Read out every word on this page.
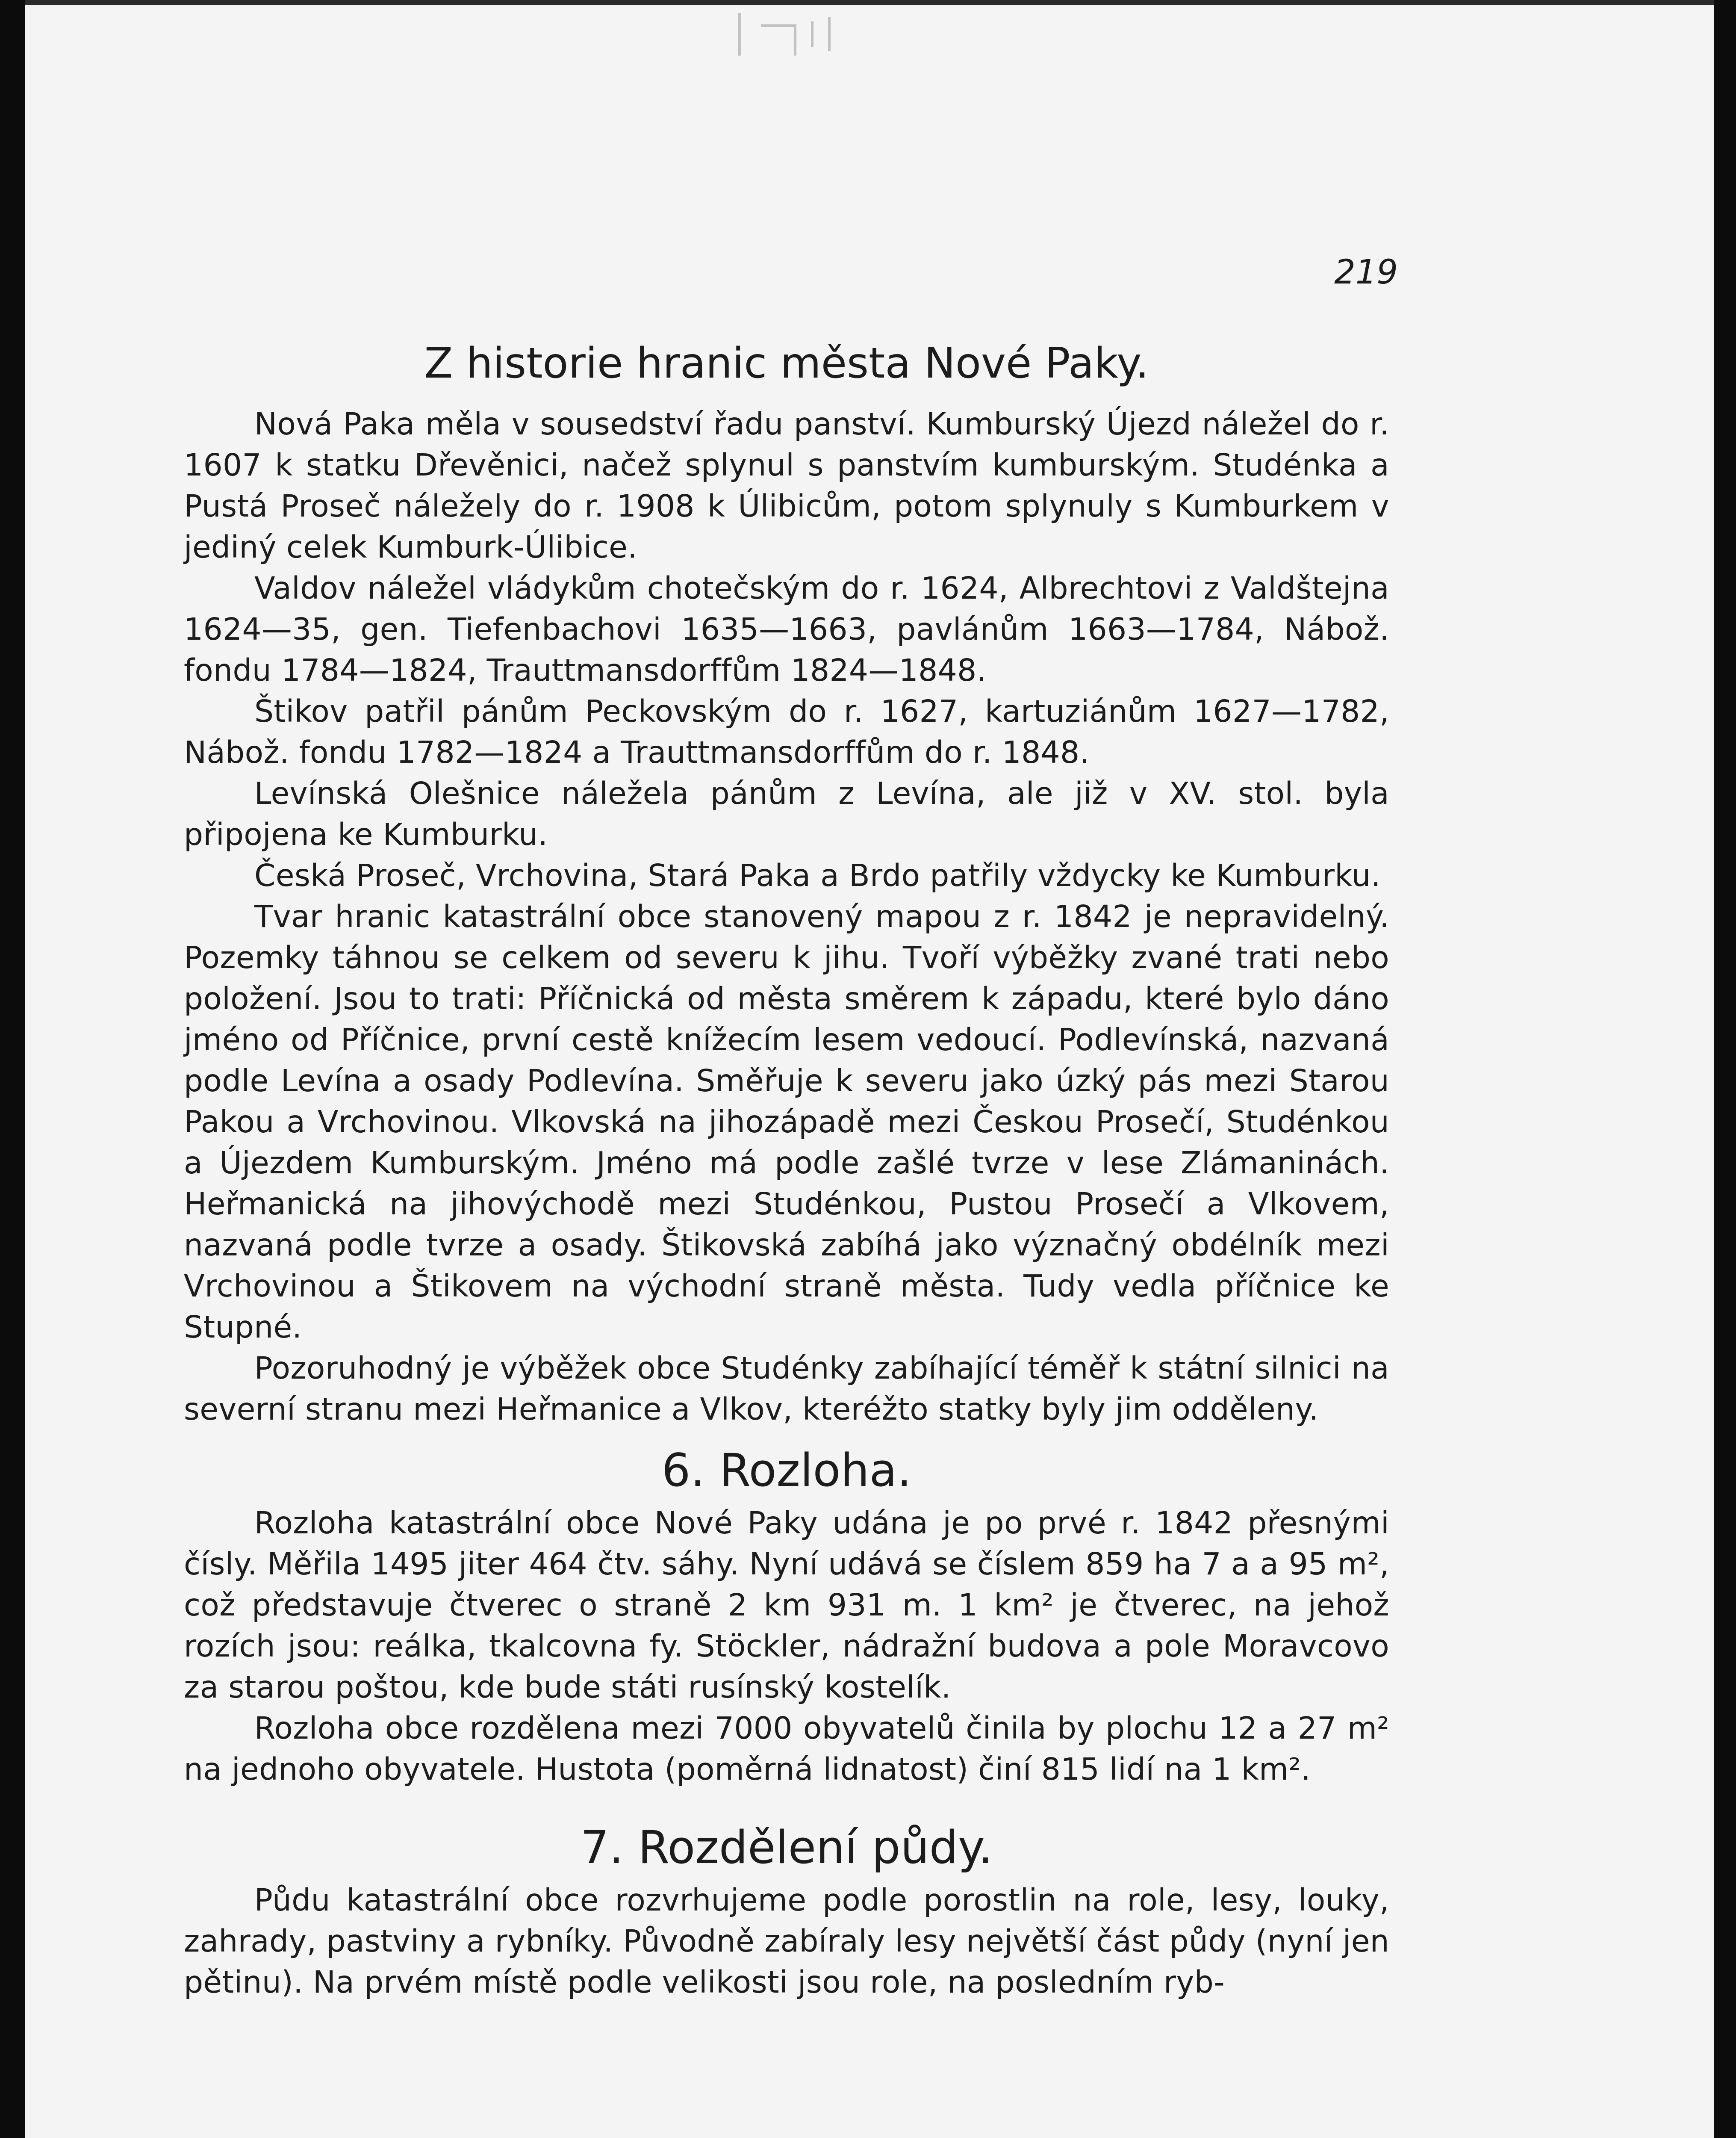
219
Z historie hranic města Nové Paky.

Nová Paka měla v sousedství řadu panství. Kumburský Újezd náležel do r. 1607 k statku Dřevěnici, načež splynul s panstvím kumburským. Studénka a Pustá Proseč náležely do r. 1908 k Úlibicům, potom splynuly s Kumburkem v jediný celek Kumburk-Úlibice.

Valdov náležel vládykům chotečským do r. 1624, Albrechtovi z Valdštejna 1624—35, gen. Tiefenbachovi 1635—1663, pavlánům 1663—1784, Nábož. fondu 1784—1824, Trauttmansdorffům 1824—1848.

Štikov patřil pánům Peckovským do r. 1627, kartuziánům 1627—1782, Nábož. fondu 1782—1824 a Trauttmansdorffům do r. 1848.

Levínská Olešnice náležela pánům z Levína, ale již v XV. stol. byla připojena ke Kumburku.

Česká Proseč, Vrchovina, Stará Paka a Brdo patřily vždycky ke Kumburku.

Tvar hranic katastrální obce stanovený mapou z r. 1842 je nepravidelný. Pozemky táhnou se celkem od severu k jihu. Tvoří výběžky zvané trati nebo položení. Jsou to trati: Příčnická od města směrem k západu, které bylo dáno jméno od Příčnice, první cestě knížecím lesem vedoucí. Podlevínská, nazvaná podle Levína a osady Podlevína. Směřuje k severu jako úzký pás mezi Starou Pakou a Vrchovinou. Vlkovská na jihozápadě mezi Českou Prosečí, Studénkou a Újezdem Kumburským. Jméno má podle zašlé tvrze v lese Zlámaninách. Heřmanická na jihovýchodě mezi Studénkou, Pustou Prosečí a Vlkovem, nazvaná podle tvrze a osady. Štikovská zabíhá jako význačný obdélník mezi Vrchovinou a Štikovem na východní straně města. Tudy vedla příčnice ke Stupné.

Pozoruhodný je výběžek obce Studénky zabíhající téměř k státní silnici na severní stranu mezi Heřmanice a Vlkov, kteréžto statky byly jim odděleny.

6. Rozloha.

Rozloha katastrální obce Nové Paky udána je po prvé r. 1842 přesnými čísly. Měřila 1495 jiter 464 čtv. sáhy. Nyní udává se číslem 859 ha 7 a a 95 m², což představuje čtverec o straně 2 km 931 m. 1 km² je čtverec, na jehož rozích jsou: reálka, tkalcovna fy. Stöckler, nádražní budova a pole Moravcovo za starou poštou, kde bude státi rusínský kostelík.

Rozloha obce rozdělena mezi 7000 obyvatelů činila by plochu 12 a 27 m² na jednoho obyvatele. Hustota (poměrná lidnatost) činí 815 lidí na 1 km².

7. Rozdělení půdy.

Půdu katastrální obce rozvrhujeme podle porostlin na role, lesy, louky, zahrady, pastviny a rybníky. Původně zabíraly lesy největší část půdy (nyní jen pětinu). Na prvém místě podle velikosti jsou role, na posledním ryb-
